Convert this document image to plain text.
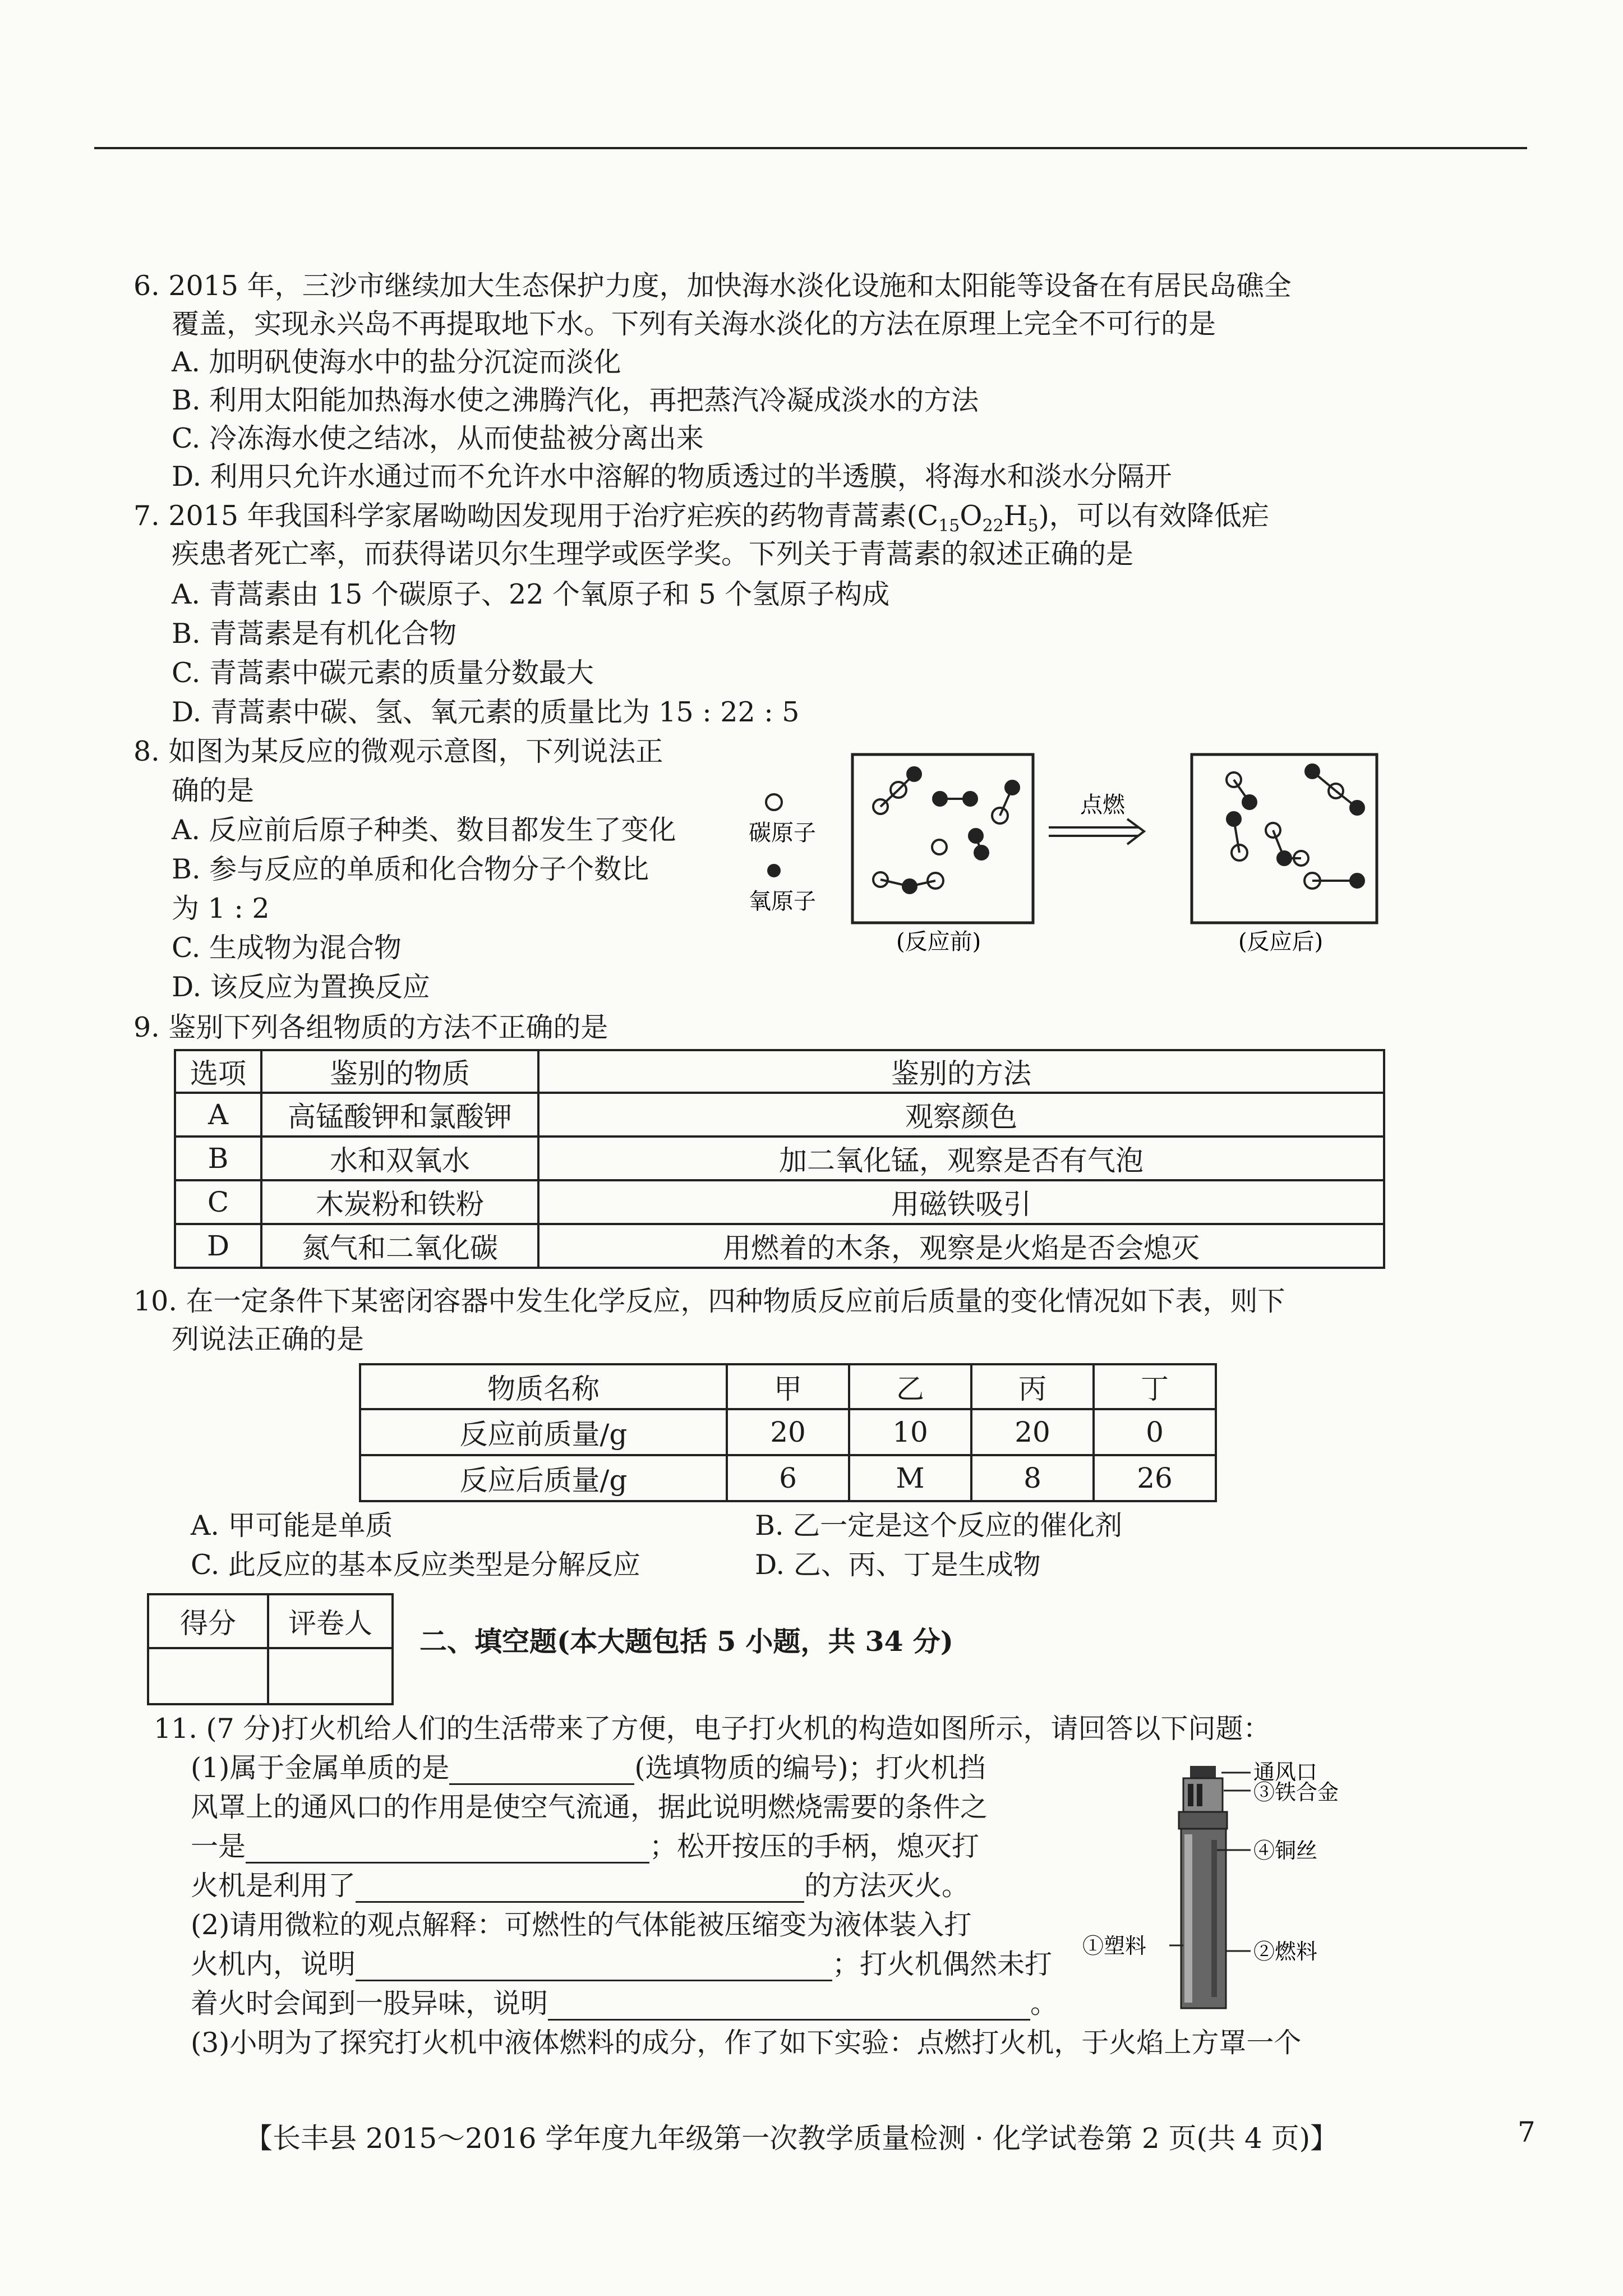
6. 2015 年，三沙市继续加大生态保护力度，加快海水淡化设施和太阳能等设备在有居民岛礁全
覆盖，实现永兴岛不再提取地下水。下列有关海水淡化的方法在原理上完全不可行的是
A. 加明矾使海水中的盐分沉淀而淡化
B. 利用太阳能加热海水使之沸腾汽化，再把蒸汽冷凝成淡水的方法
C. 冷冻海水使之结冰，从而使盐被分离出来
D. 利用只允许水通过而不允许水中溶解的物质透过的半透膜，将海水和淡水分隔开
7. 2015 年我国科学家屠呦呦因发现用于治疗疟疾的药物青蒿素$(C_{15}O_{22}H_5)$，可以有效降低疟
疾患者死亡率，而获得诺贝尔生理学或医学奖。下列关于青蒿素的叙述正确的是
A. 青蒿素由 15 个碳原子、22 个氧原子和 5 个氢原子构成
B. 青蒿素是有机化合物
C. 青蒿素中碳元素的质量分数最大
D. 青蒿素中碳、氢、氧元素的质量比为 15 : 22 : 5
8. 如图为某反应的微观示意图，下列说法正
确的是
A. 反应前后原子种类、数目都发生了变化
B. 参与反应的单质和化合物分子个数比
为 1 : 2
C. 生成物为混合物
D. 该反应为置换反应
碳原子
氧原子
(反应前)
点燃
(反应后)
9. 鉴别下列各组物质的方法不正确的是
选项	鉴别的物质	鉴别的方法
A	高锰酸钾和氯酸钾	观察颜色
B	水和双氧水	加二氧化锰，观察是否有气泡
C	木炭粉和铁粉	用磁铁吸引
D	氮气和二氧化碳	用燃着的木条，观察是火焰是否会熄灭
10. 在一定条件下某密闭容器中发生化学反应，四种物质反应前后质量的变化情况如下表，则下
列说法正确的是
物质名称	甲	乙	丙	丁
反应前质量/g	20	10	20	0
反应后质量/g	6	M	8	26
A. 甲可能是单质	B. 乙一定是这个反应的催化剂
C. 此反应的基本反应类型是分解反应	D. 乙、丙、丁是生成物
得分	评卷人

二、填空题(本大题包括 5 小题，共 34 分)
11. (7 分)打火机给人们的生活带来了方便，电子打火机的构造如图所示，请回答以下问题：
(1)属于金属单质的是	(选填物质的编号)；打火机挡
风罩上的通风口的作用是使空气流通，据此说明燃烧需要的条件之
一是	；松开按压的手柄，熄灭打
火机是利用了	的方法灭火。
(2)请用微粒的观点解释：可燃性的气体能被压缩变为液体装入打
火机内，说明	；打火机偶然未打
着火时会闻到一股异味，说明	。
(3)小明为了探究打火机中液体燃料的成分，作了如下实验：点燃打火机，于火焰上方罩一个
通风口
③铁合金
④铜丝
①塑料	②燃料
【长丰县 2015～2016 学年度九年级第一次教学质量检测 · 化学试卷第 2 页(共 4 页)】	7
